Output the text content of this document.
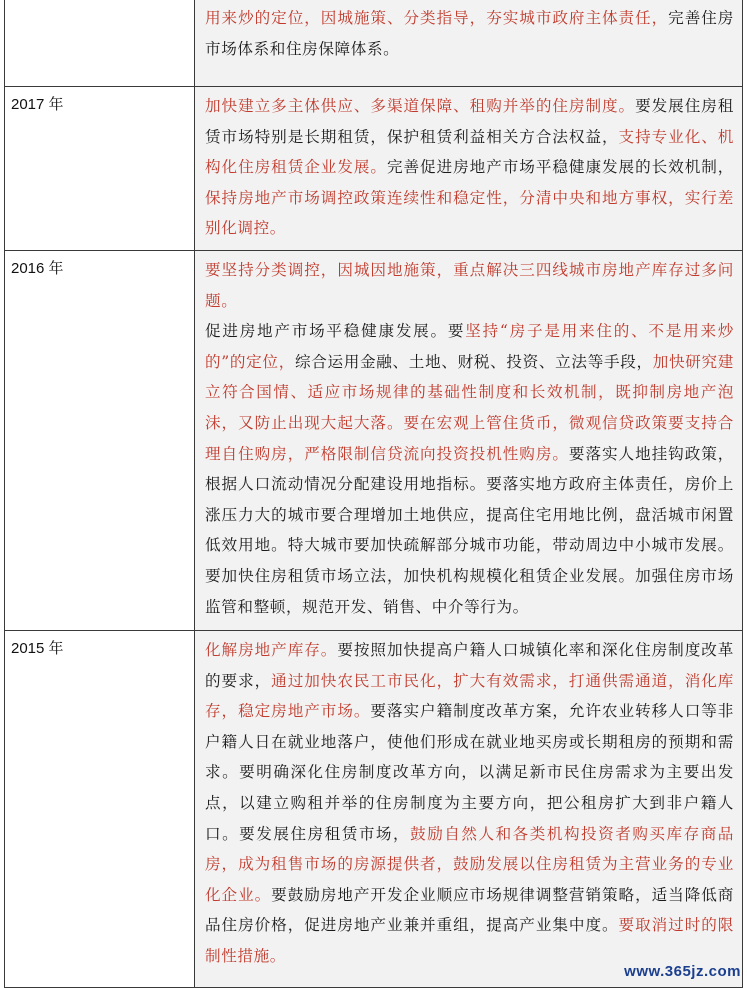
	用来炒的定位，因城施策、分类指导，夯实城市政府主体责任，完善住房市场体系和住房保障体系。

2017 年	加快建立多主体供应、多渠道保障、租购并举的住房制度。要发展住房租赁市场特别是长期租赁，保护租赁利益相关方合法权益，支持专业化、机构化住房租赁企业发展。完善促进房地产市场平稳健康发展的长效机制，保持房地产市场调控政策连续性和稳定性，分清中央和地方事权，实行差别化调控。

2016 年	要坚持分类调控，因城因地施策，重点解决三四线城市房地产库存过多问题。
促进房地产市场平稳健康发展。要坚持“房子是用来住的、不是用来炒的”的定位，综合运用金融、土地、财税、投资、立法等手段，加快研究建立符合国情、适应市场规律的基础性制度和长效机制，既抑制房地产泡沫，又防止出现大起大落。要在宏观上管住货币，微观信贷政策要支持合理自住购房，严格限制信贷流向投资投机性购房。要落实人地挂钩政策，根据人口流动情况分配建设用地指标。要落实地方政府主体责任，房价上涨压力大的城市要合理增加土地供应，提高住宅用地比例，盘活城市闲置低效用地。特大城市要加快疏解部分城市功能，带动周边中小城市发展。要加快住房租赁市场立法，加快机构规模化租赁企业发展。加强住房市场监管和整顿，规范开发、销售、中介等行为。

2015 年	化解房地产库存。要按照加快提高户籍人口城镇化率和深化住房制度改革的要求，通过加快农民工市民化，扩大有效需求，打通供需通道，消化库存，稳定房地产市场。要落实户籍制度改革方案，允许农业转移人口等非户籍人日在就业地落户，使他们形成在就业地买房或长期租房的预期和需求。要明确深化住房制度改革方向，以满足新市民住房需求为主要出发点，以建立购租并举的住房制度为主要方向，把公租房扩大到非户籍人口。要发展住房租赁市场，鼓励自然人和各类机构投资者购买库存商品房，成为租售市场的房源提供者，鼓励发展以住房租赁为主营业务的专业化企业。要鼓励房地产开发企业顺应市场规律调整营销策略，适当降低商品住房价格，促进房地产业兼并重组，提高产业集中度。要取消过时的限制性措施。
www.365jz.com
